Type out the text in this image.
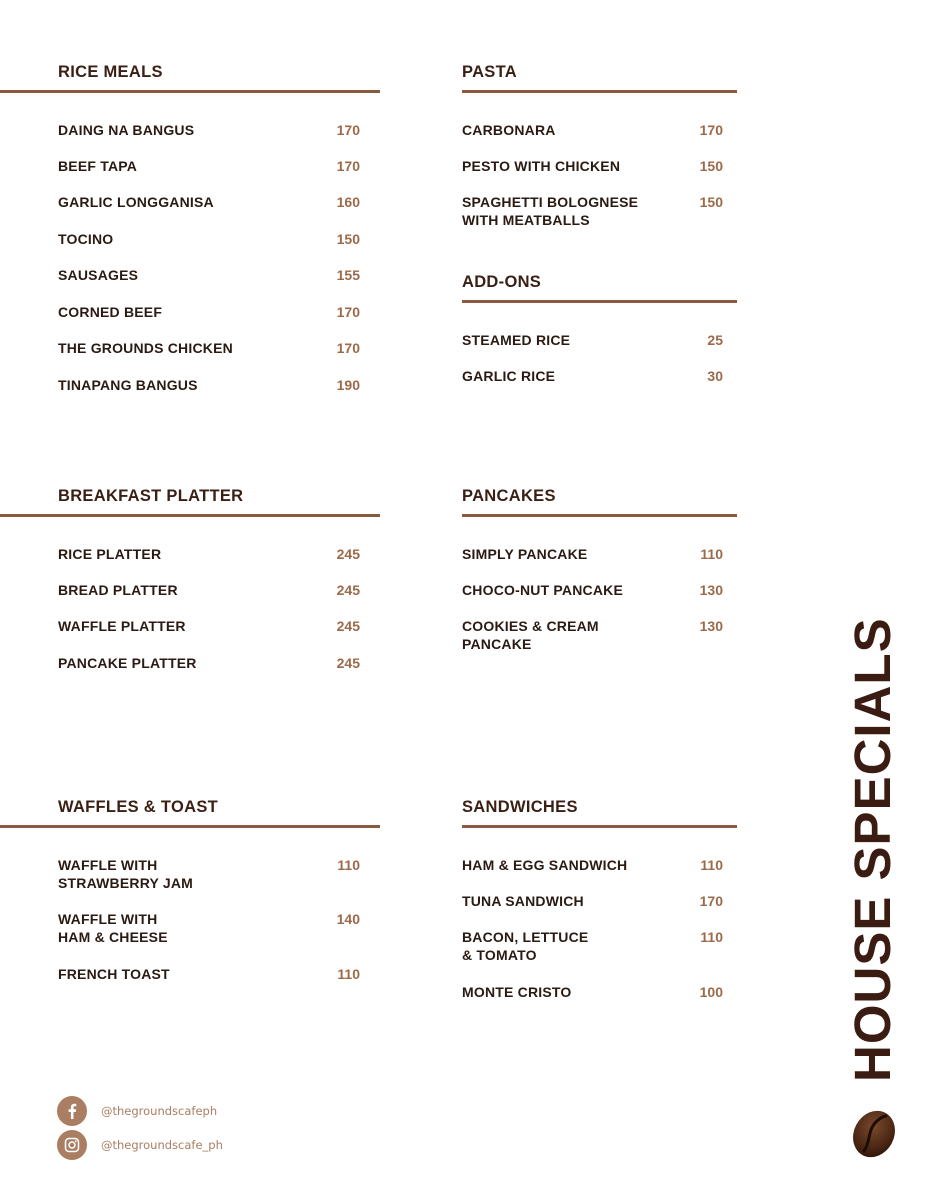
RICE MEALS
DAING NA BANGUS	170
BEEF TAPA	170
GARLIC LONGGANISA	160
TOCINO	150
SAUSAGES	155
CORNED BEEF	170
THE GROUNDS CHICKEN	170
TINAPANG BANGUS	190
PASTA
CARBONARA	170
PESTO WITH CHICKEN	150
SPAGHETTI BOLOGNESE
WITH MEATBALLS
150
ADD-ONS
STEAMED RICE	25
GARLIC RICE	30
BREAKFAST PLATTER
RICE PLATTER	245
BREAD PLATTER	245
WAFFLE PLATTER	245
PANCAKE PLATTER	245
PANCAKES
SIMPLY PANCAKE	110
CHOCO-NUT PANCAKE	130
COOKIES & CREAM
PANCAKE
130
WAFFLES & TOAST
WAFFLE WITH
STRAWBERRY JAM
110
WAFFLE WITH
HAM & CHEESE
140
FRENCH TOAST	110
SANDWICHES
HAM & EGG SANDWICH	110
TUNA SANDWICH	170
BACON, LETTUCE
& TOMATO
110
MONTE CRISTO	100 HOUSE SPECIALS
@thegroundscafeph
@thegroundscafe_ph
